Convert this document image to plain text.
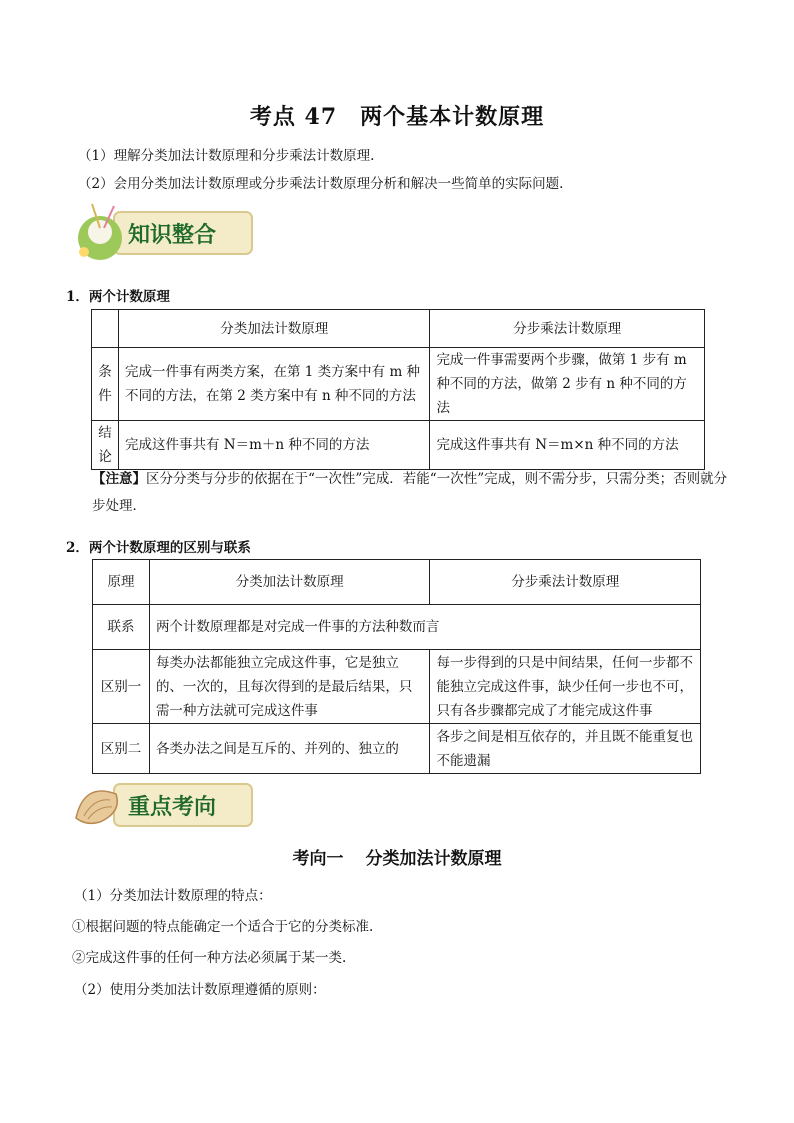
考点 47　两个基本计数原理
（1）理解分类加法计数原理和分步乘法计数原理.
（2）会用分类加法计数原理或分步乘法计数原理分析和解决一些简单的实际问题.
知识整合
1．两个计数原理
	分类加法计数原理	分步乘法计数原理
条件	完成一件事有两类方案，在第 1 类方案中有 m 种不同的方法，在第 2 类方案中有 n 种不同的方法	完成一件事需要两个步骤，做第 1 步有 m 种不同的方法，做第 2 步有 n 种不同的方法
结论	完成这件事共有 N＝m＋n 种不同的方法	完成这件事共有 N＝m×n 种不同的方法
【注意】区分分类与分步的依据在于“一次性”完成．若能“一次性”完成，则不需分步，只需分类；否则就分步处理．
2．两个计数原理的区别与联系
原理	分类加法计数原理	分步乘法计数原理
联系	两个计数原理都是对完成一件事的方法种数而言	
区别一	每类办法都能独立完成这件事，它是独立的、一次的，且每次得到的是最后结果，只需一种方法就可完成这件事	每一步得到的只是中间结果，任何一步都不能独立完成这件事，缺少任何一步也不可，只有各步骤都完成了才能完成这件事
区别二	各类办法之间是互斥的、并列的、独立的	各步之间是相互依存的，并且既不能重复也不能遗漏
重点考向
考向一 分类加法计数原理
（1）分类加法计数原理的特点：
①根据问题的特点能确定一个适合于它的分类标准.
②完成这件事的任何一种方法必须属于某一类.
（2）使用分类加法计数原理遵循的原则：
